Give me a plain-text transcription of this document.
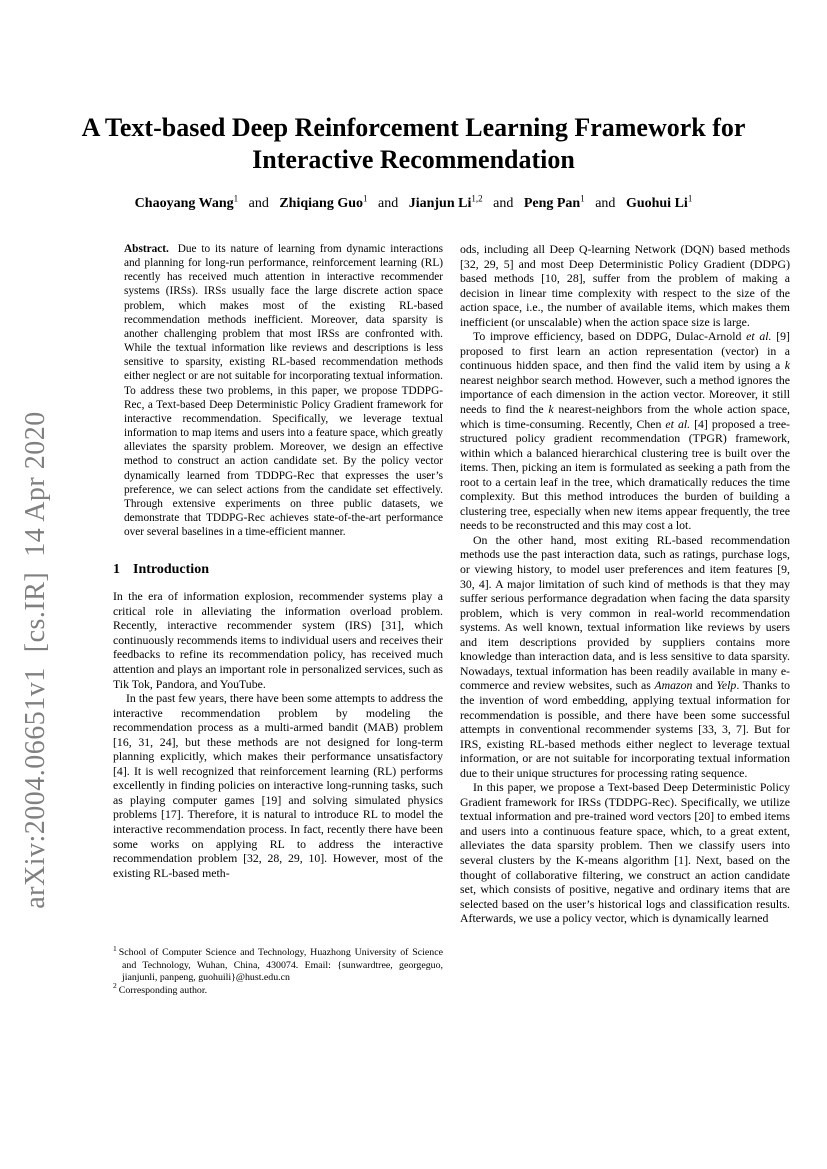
arXiv:2004.06651v1  [cs.IR]  14 Apr 2020
A Text-based Deep Reinforcement Learning Framework for Interactive Recommendation
Chaoyang Wang$^1$ and Zhiqiang Guo$^1$ and Jianjun Li$^{1,2}$ and Peng Pan$^1$ and Guohui Li$^1$

Abstract. Due to its nature of learning from dynamic interactions and planning for long-run performance, reinforcement learning (RL) recently has received much attention in interactive recommender systems (IRSs). IRSs usually face the large discrete action space problem, which makes most of the existing RL-based recommendation methods inefficient. Moreover, data sparsity is another challenging problem that most IRSs are confronted with. While the textual information like reviews and descriptions is less sensitive to sparsity, existing RL-based recommendation methods either neglect or are not suitable for incorporating textual information. To address these two problems, in this paper, we propose TDDPG-Rec, a Text-based Deep Deterministic Policy Gradient framework for interactive recommendation. Specifically, we leverage textual information to map items and users into a feature space, which greatly alleviates the sparsity problem. Moreover, we design an effective method to construct an action candidate set. By the policy vector dynamically learned from TDDPG-Rec that expresses the user’s preference, we can select actions from the candidate set effectively. Through extensive experiments on three public datasets, we demonstrate that TDDPG-Rec achieves state-of-the-art performance over several baselines in a time-efficient manner.

1 Introduction

In the era of information explosion, recommender systems play a critical role in alleviating the information overload problem. Recently, interactive recommender system (IRS) [31], which continuously recommends items to individual users and receives their feedbacks to refine its recommendation policy, has received much attention and plays an important role in personalized services, such as Tik Tok, Pandora, and YouTube.

In the past few years, there have been some attempts to address the interactive recommendation problem by modeling the recommendation process as a multi-armed bandit (MAB) problem [16, 31, 24], but these methods are not designed for long-term planning explicitly, which makes their performance unsatisfactory [4]. It is well recognized that reinforcement learning (RL) performs excellently in finding policies on interactive long-running tasks, such as playing computer games [19] and solving simulated physics problems [17]. Therefore, it is natural to introduce RL to model the interactive recommendation process. In fact, recently there have been some works on applying RL to address the interactive recommendation problem [32, 28, 29, 10]. However, most of the existing RL-based meth-

$^1$ School of Computer Science and Technology, Huazhong University of Science and Technology, Wuhan, China, 430074. Email: {sunwardtree, georgeguo, jianjunli, panpeng, guohuili}@hust.edu.cn

$^2$ Corresponding author.

ods, including all Deep Q-learning Network (DQN) based methods [32, 29, 5] and most Deep Deterministic Policy Gradient (DDPG) based methods [10, 28], suffer from the problem of making a decision in linear time complexity with respect to the size of the action space, i.e., the number of available items, which makes them inefficient (or unscalable) when the action space size is large.

To improve efficiency, based on DDPG, Dulac-Arnold et al. [9] proposed to first learn an action representation (vector) in a continuous hidden space, and then find the valid item by using a k nearest neighbor search method. However, such a method ignores the importance of each dimension in the action vector. Moreover, it still needs to find the k nearest-neighbors from the whole action space, which is time-consuming. Recently, Chen et al. [4] proposed a tree-structured policy gradient recommendation (TPGR) framework, within which a balanced hierarchical clustering tree is built over the items. Then, picking an item is formulated as seeking a path from the root to a certain leaf in the tree, which dramatically reduces the time complexity. But this method introduces the burden of building a clustering tree, especially when new items appear frequently, the tree needs to be reconstructed and this may cost a lot.

On the other hand, most exiting RL-based recommendation methods use the past interaction data, such as ratings, purchase logs, or viewing history, to model user preferences and item features [9, 30, 4]. A major limitation of such kind of methods is that they may suffer serious performance degradation when facing the data sparsity problem, which is very common in real-world recommendation systems. As well known, textual information like reviews by users and item descriptions provided by suppliers contains more knowledge than interaction data, and is less sensitive to data sparsity. Nowadays, textual information has been readily available in many e-commerce and review websites, such as Amazon and Yelp. Thanks to the invention of word embedding, applying textual information for recommendation is possible, and there have been some successful attempts in conventional recommender systems [33, 3, 7]. But for IRS, existing RL-based methods either neglect to leverage textual information, or are not suitable for incorporating textual information due to their unique structures for processing rating sequence.

In this paper, we propose a Text-based Deep Deterministic Policy Gradient framework for IRSs (TDDPG-Rec). Specifically, we utilize textual information and pre-trained word vectors [20] to embed items and users into a continuous feature space, which, to a great extent, alleviates the data sparsity problem. Then we classify users into several clusters by the K-means algorithm [1]. Next, based on the thought of collaborative filtering, we construct an action candidate set, which consists of positive, negative and ordinary items that are selected based on the user’s historical logs and classification results. Afterwards, we use a policy vector, which is dynamically learned
